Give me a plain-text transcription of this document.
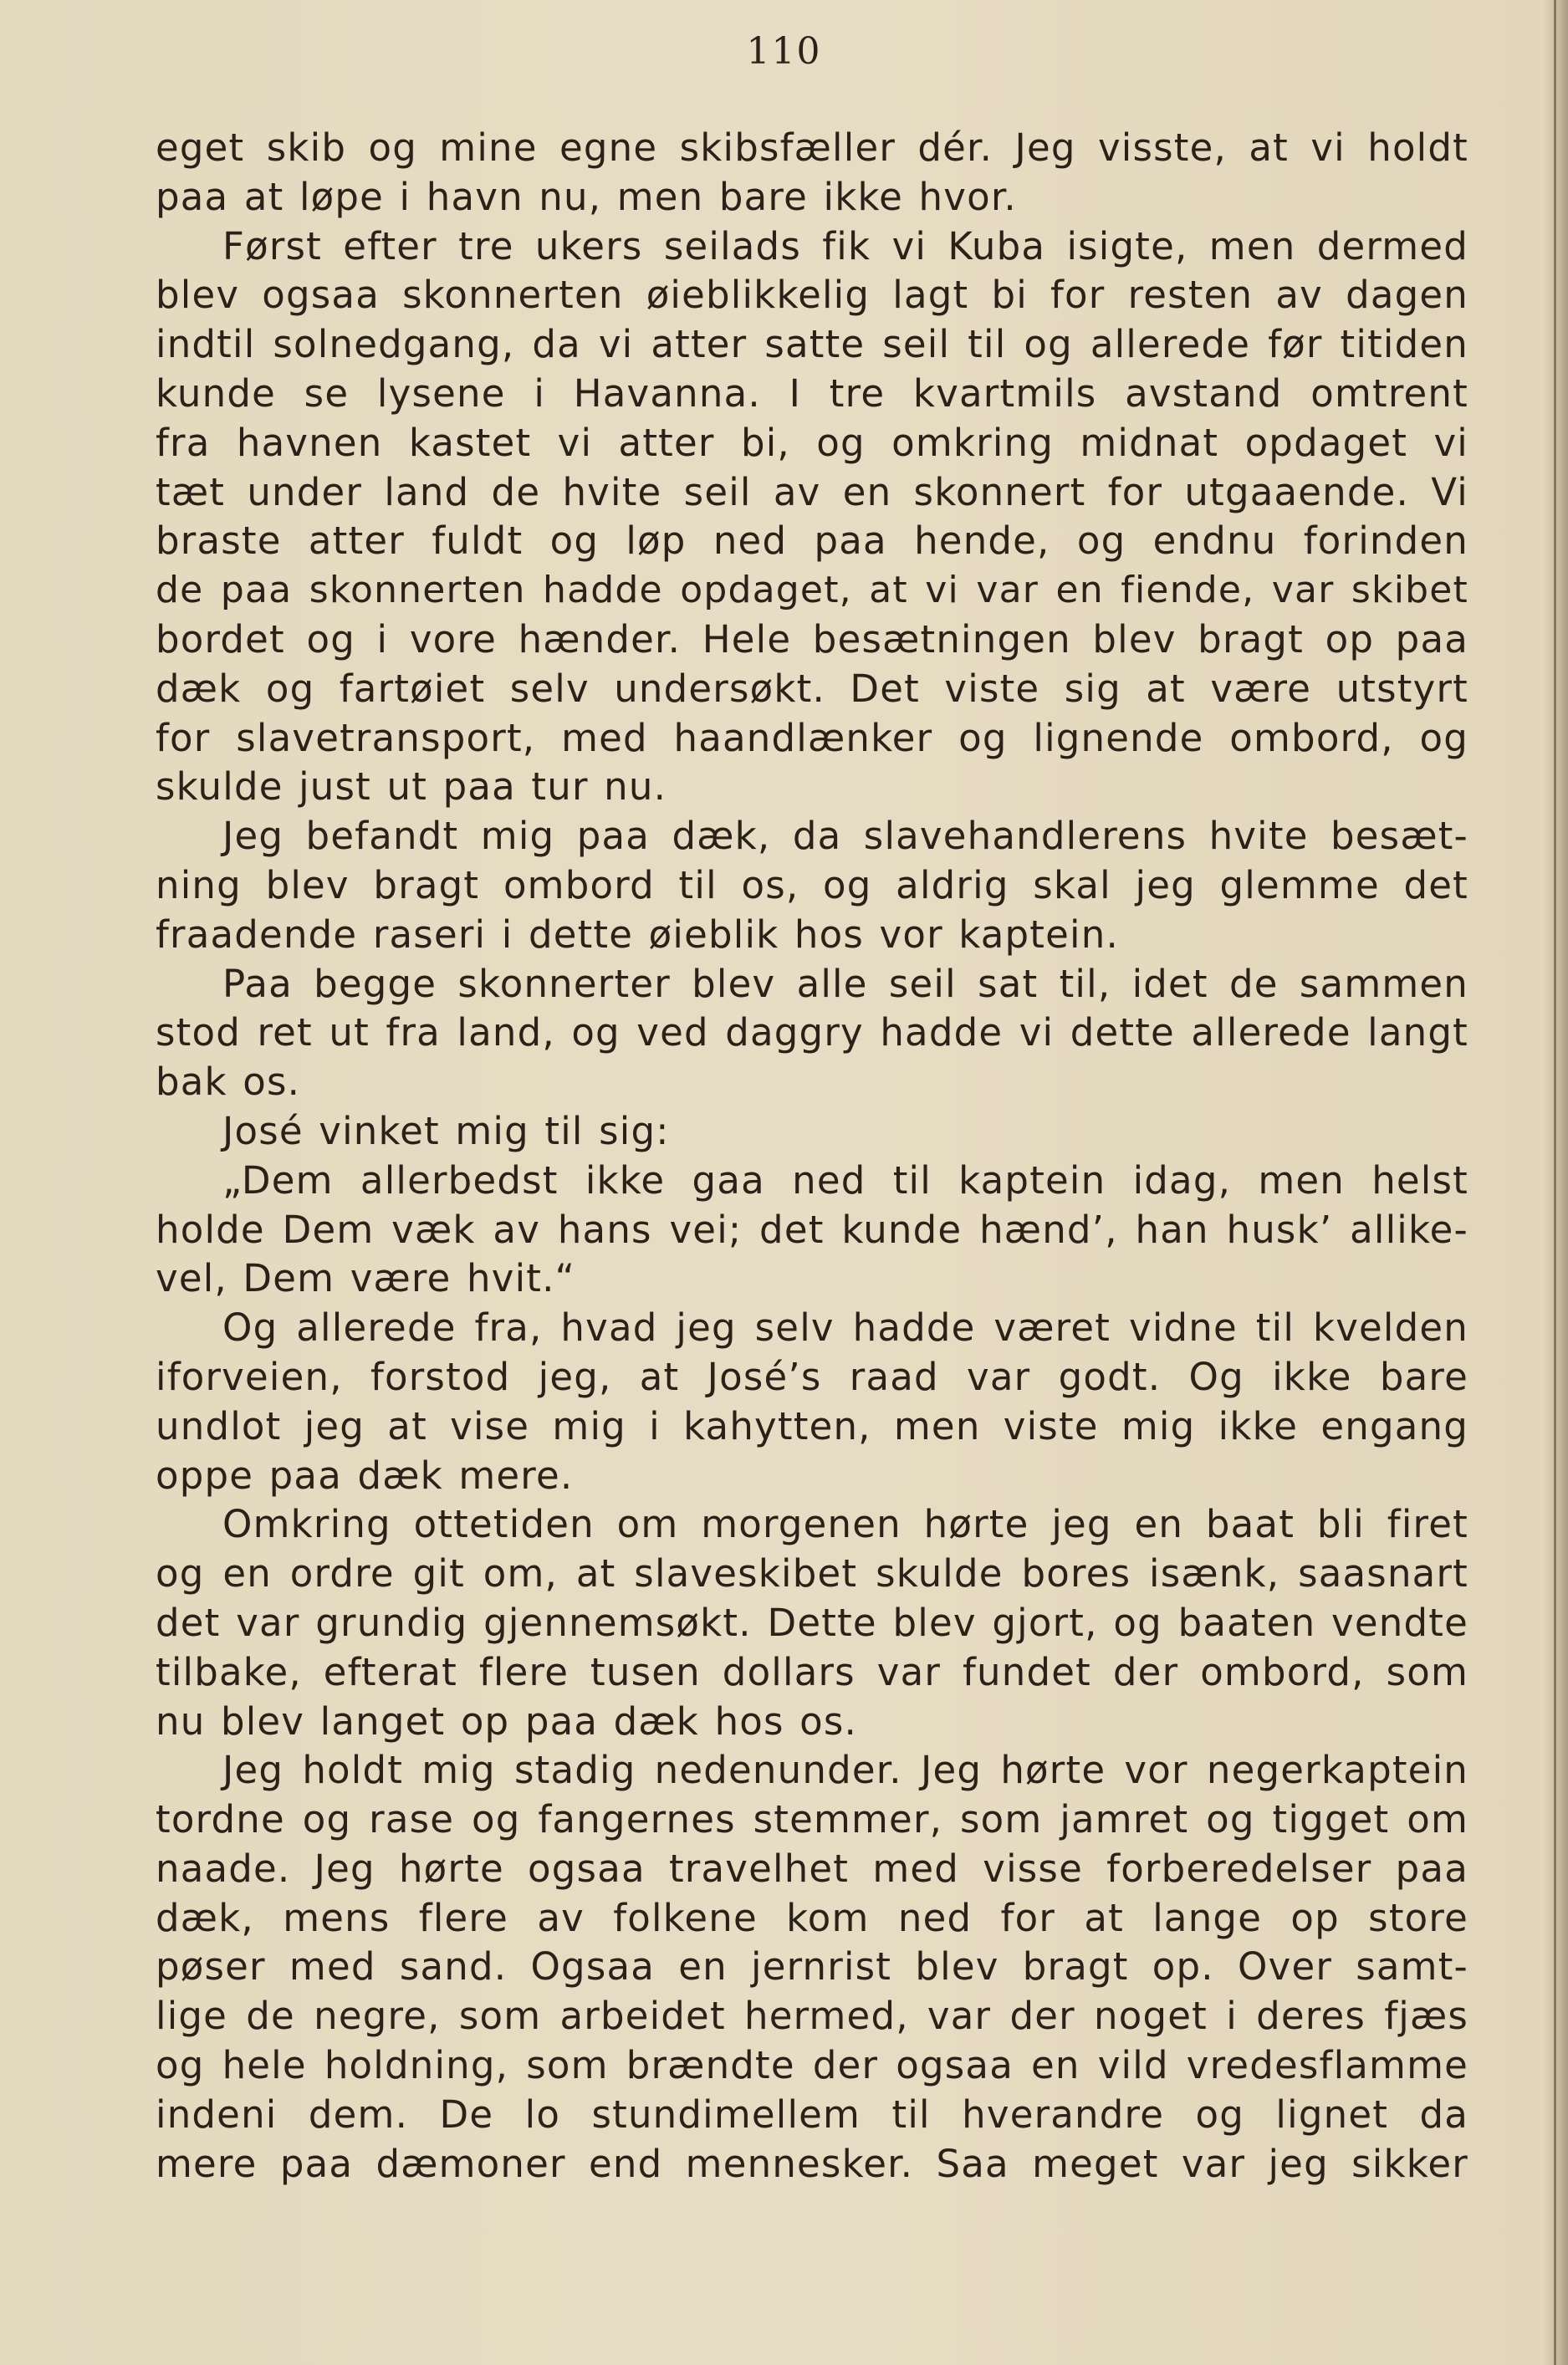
110
eget skib og mine egne skibsfæller dér. Jeg visste, at vi holdt
paa at løpe i havn nu, men bare ikke hvor.
Først efter tre ukers seilads fik vi Kuba isigte, men dermed
blev ogsaa skonnerten øieblikkelig lagt bi for resten av dagen
indtil solnedgang, da vi atter satte seil til og allerede før titiden
kunde se lysene i Havanna. I tre kvartmils avstand omtrent
fra havnen kastet vi atter bi, og omkring midnat opdaget vi
tæt under land de hvite seil av en skonnert for utgaaende. Vi
braste atter fuldt og løp ned paa hende, og endnu forinden
de paa skonnerten hadde opdaget, at vi var en fiende, var skibet
bordet og i vore hænder. Hele besætningen blev bragt op paa
dæk og fartøiet selv undersøkt. Det viste sig at være utstyrt
for slavetransport, med haandlænker og lignende ombord, og
skulde just ut paa tur nu.
Jeg befandt mig paa dæk, da slavehandlerens hvite besæt-
ning blev bragt ombord til os, og aldrig skal jeg glemme det
fraadende raseri i dette øieblik hos vor kaptein.
Paa begge skonnerter blev alle seil sat til, idet de sammen
stod ret ut fra land, og ved daggry hadde vi dette allerede langt
bak os.
José vinket mig til sig:
„Dem allerbedst ikke gaa ned til kaptein idag, men helst
holde Dem væk av hans vei; det kunde hænd’, han husk’ allike-
vel, Dem være hvit.“
Og allerede fra, hvad jeg selv hadde været vidne til kvelden
iforveien, forstod jeg, at José’s raad var godt. Og ikke bare
undlot jeg at vise mig i kahytten, men viste mig ikke engang
oppe paa dæk mere.
Omkring ottetiden om morgenen hørte jeg en baat bli firet
og en ordre git om, at slaveskibet skulde bores isænk, saasnart
det var grundig gjennemsøkt. Dette blev gjort, og baaten vendte
tilbake, efterat flere tusen dollars var fundet der ombord, som
nu blev langet op paa dæk hos os.
Jeg holdt mig stadig nedenunder. Jeg hørte vor negerkaptein
tordne og rase og fangernes stemmer, som jamret og tigget om
naade. Jeg hørte ogsaa travelhet med visse forberedelser paa
dæk, mens flere av folkene kom ned for at lange op store
pøser med sand. Ogsaa en jernrist blev bragt op. Over samt-
lige de negre, som arbeidet hermed, var der noget i deres fjæs
og hele holdning, som brændte der ogsaa en vild vredesflamme
indeni dem. De lo stundimellem til hverandre og lignet da
mere paa dæmoner end mennesker. Saa meget var jeg sikker
